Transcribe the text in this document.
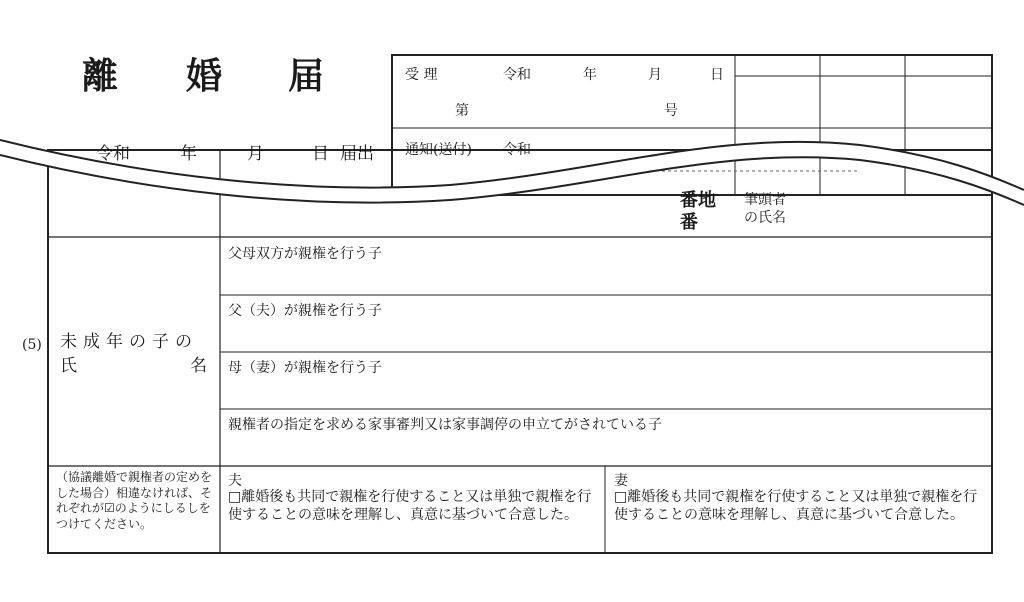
離 婚 届
令和	年	月	日 届出
受 理	令和	年	月	日
第	号
通知(送付) 令和
番地
番
筆頭者
の氏名
(5) 未成年の子の
氏	名
父母双方が親権を行う子
父（夫）が親権を行う子
母（妻）が親権を行う子
親権者の指定を求める家事審判又は家事調停の申立てがされている子
（協議離婚で親権者の定めをした場合）相違なければ、それぞれが☑のようにしるしをつけてください。
夫
□離婚後も共同で親権を行使すること又は単独で親権を行使することの意味を理解し、真意に基づいて合意した。
妻
□離婚後も共同で親権を行使すること又は単独で親権を行使することの意味を理解し、真意に基づいて合意した。
